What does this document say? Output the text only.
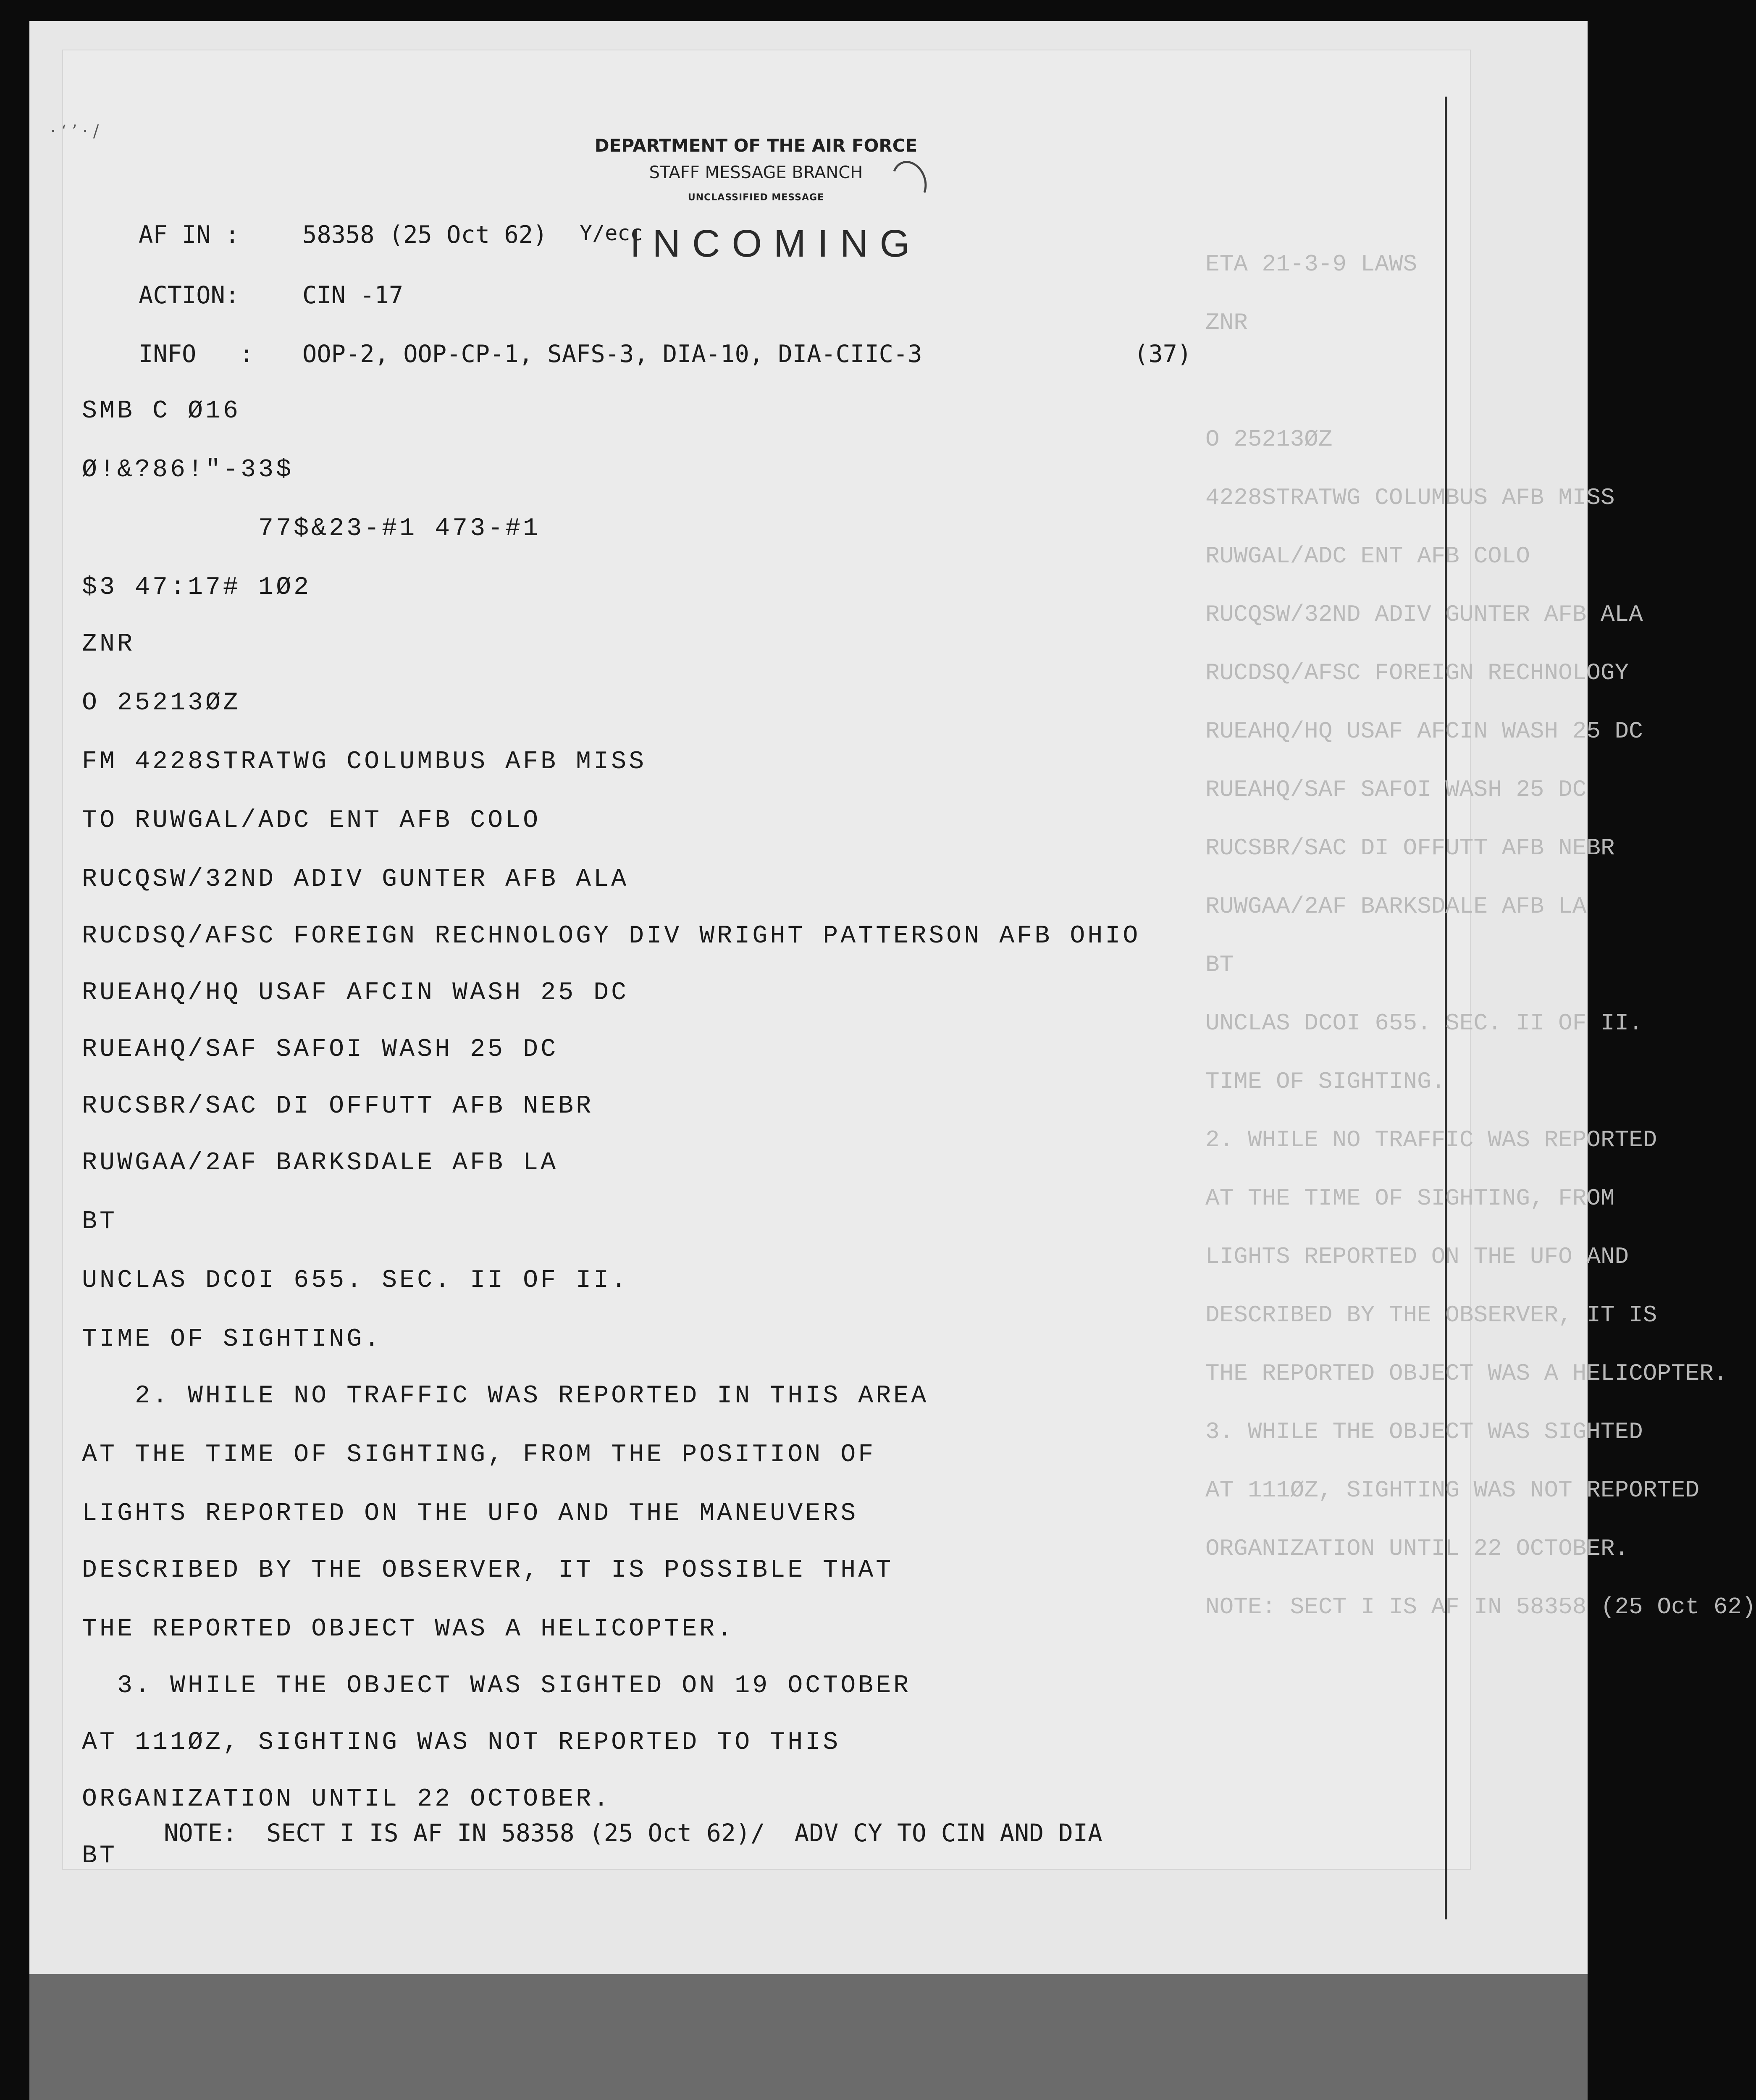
ETA 21-3-9 LAWS
ZNR
O 25213ØZ
4228STRATWG COLUMBUS AFB MISS
RUWGAL/ADC ENT AFB COLO
RUCQSW/32ND ADIV GUNTER AFB ALA
RUCDSQ/AFSC FOREIGN RECHNOLOGY
RUEAHQ/HQ USAF AFCIN WASH 25 DC
RUEAHQ/SAF SAFOI WASH 25 DC
RUCSBR/SAC DI OFFUTT AFB NEBR
RUWGAA/2AF BARKSDALE AFB LA
BT
UNCLAS DCOI 655. SEC. II OF II.
TIME OF SIGHTING.
2. WHILE NO TRAFFIC WAS REPORTED
AT THE TIME OF SIGHTING, FROM
LIGHTS REPORTED ON THE UFO AND
DESCRIBED BY THE OBSERVER, IT IS
THE REPORTED OBJECT WAS A HELICOPTER.
3. WHILE THE OBJECT WAS SIGHTED
AT 111ØZ, SIGHTING WAS NOT REPORTED
ORGANIZATION UNTIL 22 OCTOBER.
NOTE: SECT I IS AF IN 58358 (25 Oct 62)
· ‘ ’ · /
DEPARTMENT OF THE AIR FORCE
STAFF MESSAGE BRANCH
UNCLASSIFIED MESSAGE
AF IN :	58358 (25 Oct 62) Y/ecc
INCOMING
ACTION:	CIN -17
INFO   : OOP-2, OOP-CP-1, SAFS-3, DIA-10, DIA-CIIC-3	(37)
SMB C Ø16
Ø!&?86!"-33$
77$&23-#1 473-#1
$3 47:17# 1Ø2
ZNR
O 25213ØZ
FM 4228STRATWG COLUMBUS AFB MISS
TO RUWGAL/ADC ENT AFB COLO
RUCQSW/32ND ADIV GUNTER AFB ALA
RUCDSQ/AFSC FOREIGN RECHNOLOGY DIV WRIGHT PATTERSON AFB OHIO
RUEAHQ/HQ USAF AFCIN WASH 25 DC
RUEAHQ/SAF SAFOI WASH 25 DC
RUCSBR/SAC DI OFFUTT AFB NEBR
RUWGAA/2AF BARKSDALE AFB LA
BT
UNCLAS DCOI 655. SEC. II OF II.
TIME OF SIGHTING.
2. WHILE NO TRAFFIC WAS REPORTED IN THIS AREA
AT THE TIME OF SIGHTING, FROM THE POSITION OF
LIGHTS REPORTED ON THE UFO AND THE MANEUVERS
DESCRIBED BY THE OBSERVER, IT IS POSSIBLE THAT
THE REPORTED OBJECT WAS A HELICOPTER.
3. WHILE THE OBJECT WAS SIGHTED ON 19 OCTOBER
AT 111ØZ, SIGHTING WAS NOT REPORTED TO THIS
ORGANIZATION UNTIL 22 OCTOBER.
BT
NOTE:  SECT I IS AF IN 58358 (25 Oct 62)/  ADV CY TO CIN AND DIA
